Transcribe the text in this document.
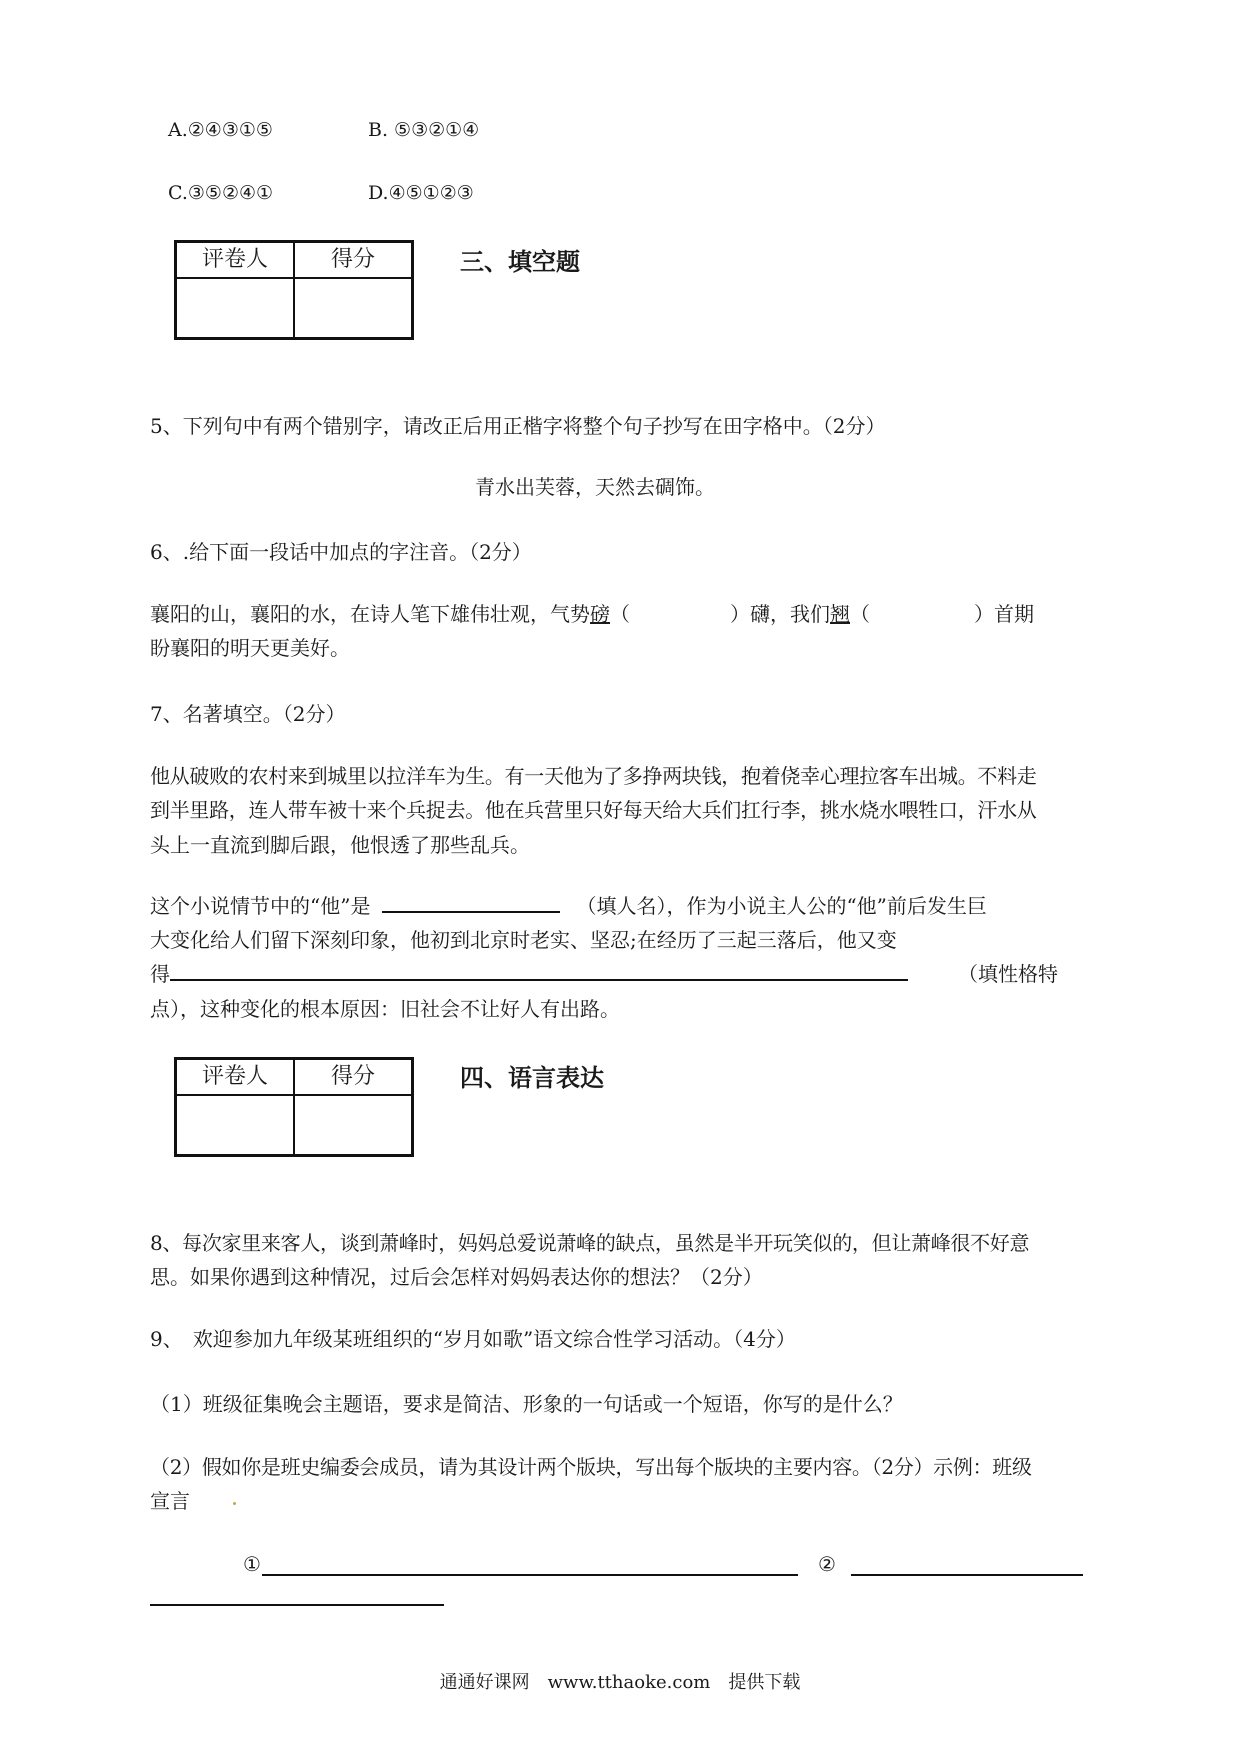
A.②④③①⑤	B. ⑤③②①④
C.③⑤②④①	D.④⑤①②③
评卷人	得分
		三、填空题
5、下列句中有两个错别字，请改正后用正楷字将整个句子抄写在田字格中。（2分）
青水出芙蓉，天然去碉饰。
6、.给下面一段话中加点的字注音。（2分）
襄阳的山，襄阳的水，在诗人笔下雄伟壮观，气势磅（	）礴，我们翘（	）首期
盼襄阳的明天更美好。
7、名著填空。（2分）
他从破败的农村来到城里以拉洋车为生。有一天他为了多挣两块钱，抱着侥幸心理拉客车出城。不料走
到半里路，连人带车被十来个兵捉去。他在兵营里只好每天给大兵们扛行李，挑水烧水喂牲口，汗水从
头上一直流到脚后跟，他恨透了那些乱兵。
这个小说情节中的“他”是	（填人名），作为小说主人公的“他”前后发生巨
大变化给人们留下深刻印象，他初到北京时老实、坚忍;在经历了三起三落后，他又变
得	（填性格特
点），这种变化的根本原因：旧社会不让好人有出路。
评卷人	得分
		四、语言表达
8、每次家里来客人，谈到萧峰时，妈妈总爱说萧峰的缺点，虽然是半开玩笑似的，但让萧峰很不好意
思。如果你遇到这种情况，过后会怎样对妈妈表达你的想法？（2分）
9、　欢迎参加九年级某班组织的“岁月如歌”语文综合性学习活动。（4分）
（1）班级征集晚会主题语，要求是简洁、形象的一句话或一个短语，你写的是什么？
（2）假如你是班史编委会成员，请为其设计两个版块，写出每个版块的主要内容。（2分）示例：班级
宣言
①	②
通通好课网　www.tthaoke.com　提供下载
